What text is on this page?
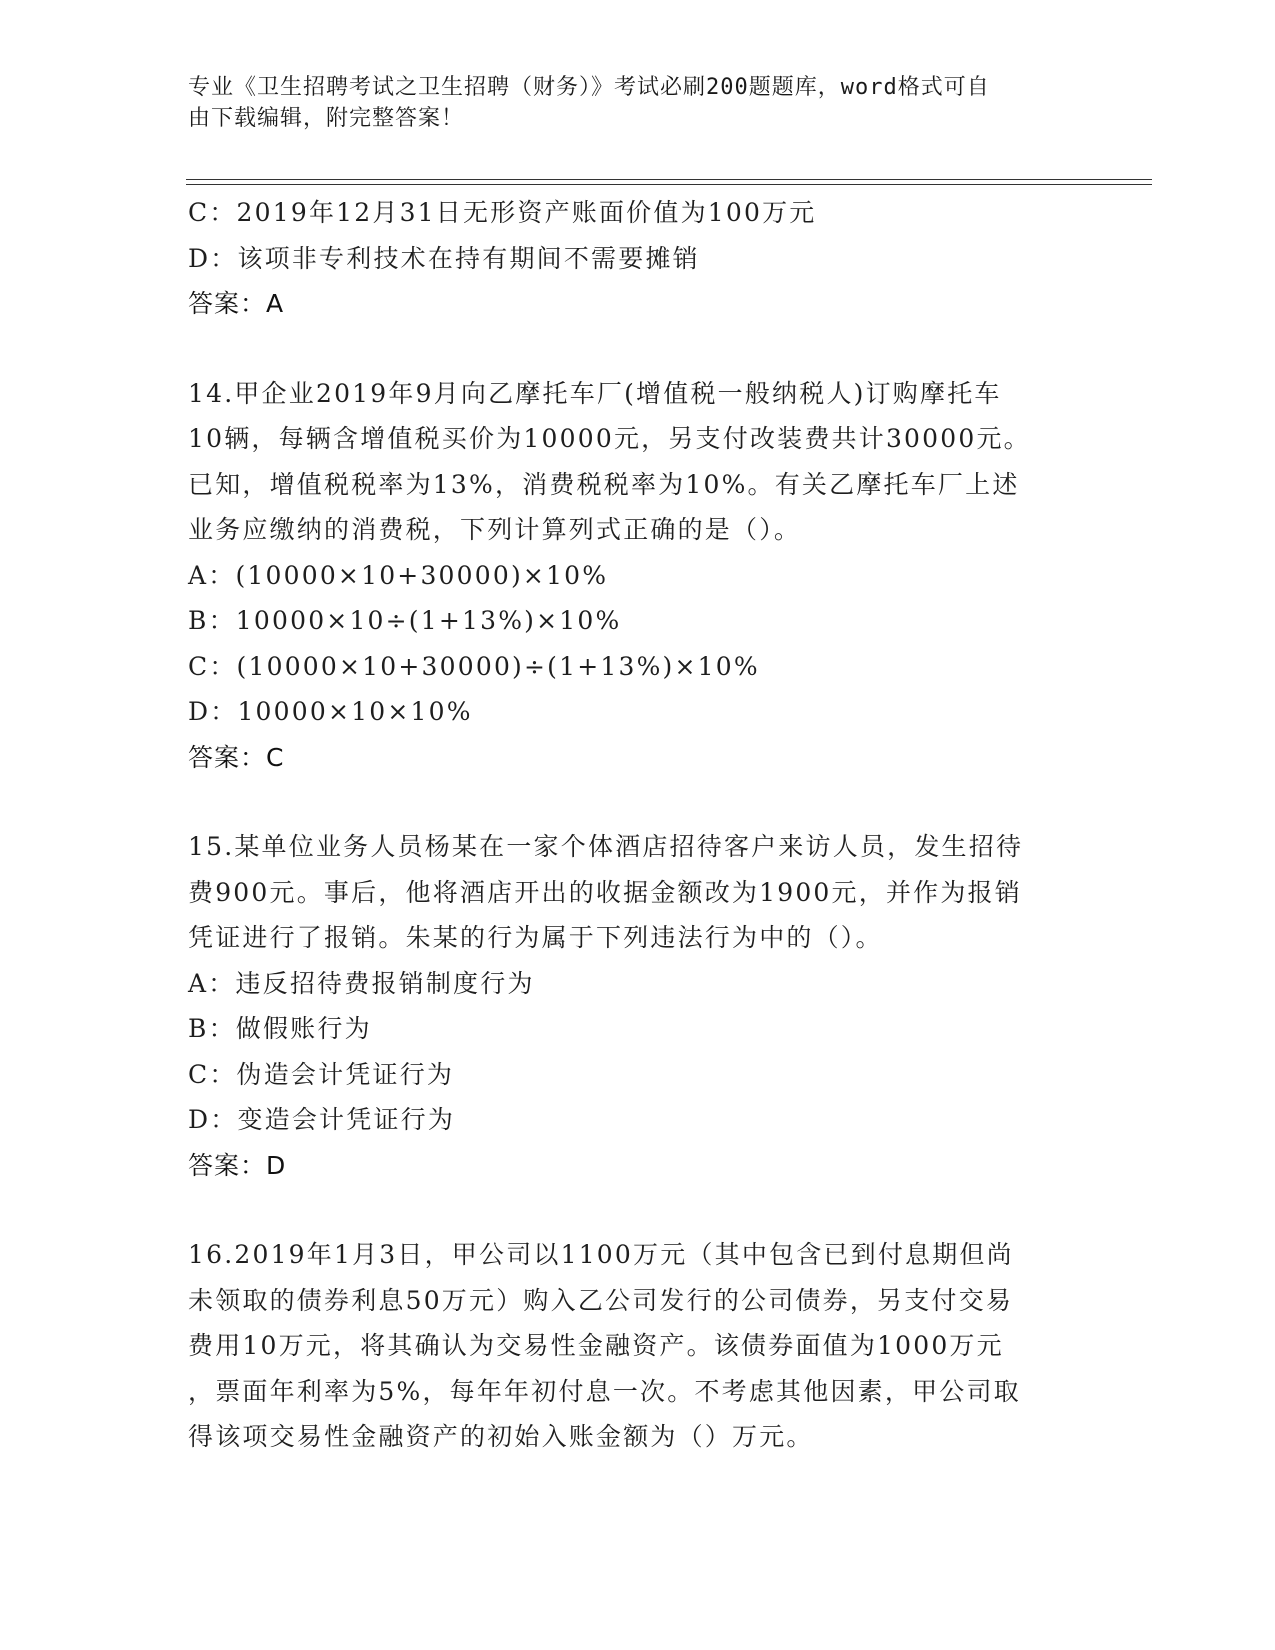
专业《卫生招聘考试之卫生招聘（财务）》考试必刷200题题库，word格式可自
由下载编辑，附完整答案！
C：2019年12月31日无形资产账面价值为100万元
D：该项非专利技术在持有期间不需要摊销
答案：A
14.甲企业2019年9月向乙摩托车厂(增值税一般纳税人)订购摩托车
10辆，每辆含增值税买价为10000元，另支付改装费共计30000元。
已知，增值税税率为13%，消费税税率为10%。有关乙摩托车厂上述
业务应缴纳的消费税，下列计算列式正确的是（）。
A：(10000×10+30000)×10%
B：10000×10÷(1+13%)×10%
C：(10000×10+30000)÷(1+13%)×10%
D：10000×10×10%
答案：C
15.某单位业务人员杨某在一家个体酒店招待客户来访人员，发生招待
费900元。事后，他将酒店开出的收据金额改为1900元，并作为报销
凭证进行了报销。朱某的行为属于下列违法行为中的（）。
A：违反招待费报销制度行为
B：做假账行为
C：伪造会计凭证行为
D：变造会计凭证行为
答案：D
16.2019年1月3日，甲公司以1100万元（其中包含已到付息期但尚
未领取的债券利息50万元）购入乙公司发行的公司债券，另支付交易
费用10万元，将其确认为交易性金融资产。该债券面值为1000万元
，票面年利率为5%，每年年初付息一次。不考虑其他因素，甲公司取
得该项交易性金融资产的初始入账金额为（）万元。
